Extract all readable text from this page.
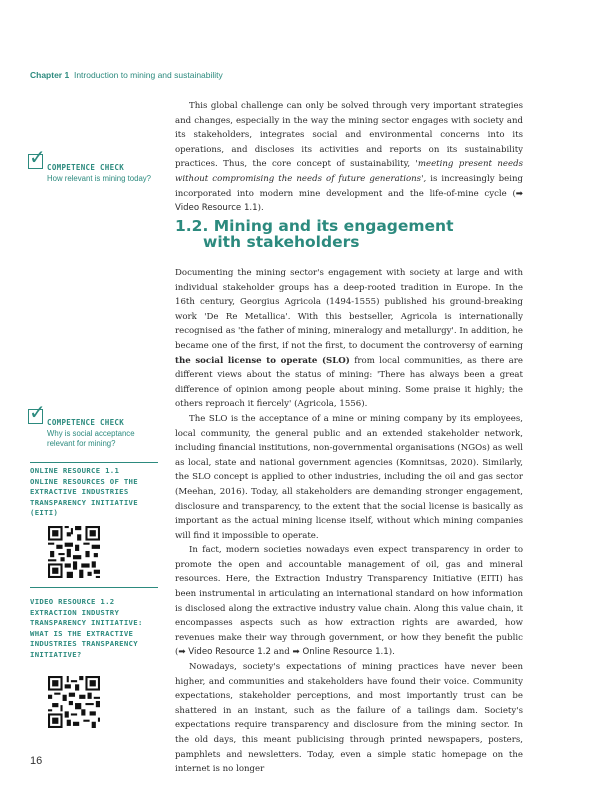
Chapter 1 Introduction to mining and sustainability
✓ COMPETENCE CHECK
How relevant is mining today?
✓ COMPETENCE CHECK
Why is social acceptance relevant for mining?
ONLINE RESOURCE 1.1
ONLINE RESOURCES OF THE EXTRACTIVE INDUSTRIES TRANSPARENCY INITIATIVE (EITI)
VIDEO RESOURCE 1.2
EXTRACTION INDUSTRY TRANSPARENCY INITIATIVE: WHAT IS THE EXTRACTIVE INDUSTRIES TRANSPARENCY INITIATIVE?

This global challenge can only be solved through very important strategies and changes, especially in the way the mining sector engages with society and its stakeholders, integrates social and environmental concerns into its operations, and discloses its activities and reports on its sustainability practices. Thus, the core concept of sustainability, 'meeting present needs without compromising the needs of future generations', is increasingly being incorporated into modern mine development and the life-of-mine cycle (➡ Video Resource 1.1).

1.2. Mining and its engagement
with stakeholders

Documenting the mining sector's engagement with society at large and with individual stakeholder groups has a deep-rooted tradition in Europe. In the 16th century, Georgius Agricola (1494-1555) published his ground-breaking work 'De Re Metallica'. With this bestseller, Agricola is internationally recognised as 'the father of mining, mineralogy and metallurgy'. In addition, he became one of the first, if not the first, to document the controversy of earning the social license to operate (SLO) from local communities, as there are different views about the status of mining: 'There has always been a great difference of opinion among people about mining. Some praise it highly; the others reproach it fiercely' (Agricola, 1556).

The SLO is the acceptance of a mine or mining company by its employees, local community, the general public and an extended stakeholder network, including financial institutions, non-governmental organisations (NGOs) as well as local, state and national government agencies (Komnitsas, 2020). Similarly, the SLO concept is applied to other industries, including the oil and gas sector (Meehan, 2016). Today, all stakeholders are demanding stronger engagement, disclosure and transparency, to the extent that the social license is basically as important as the actual mining license itself, without which mining companies will find it impossible to operate.

In fact, modern societies nowadays even expect transparency in order to promote the open and accountable management of oil, gas and mineral resources. Here, the Extraction Industry Transparency Initiative (EITI) has been instrumental in articulating an international standard on how information is disclosed along the extractive industry value chain. Along this value chain, it encompasses aspects such as how extraction rights are awarded, how revenues make their way through government, or how they benefit the public (➡ Video Resource 1.2 and ➡ Online Resource 1.1).

Nowadays, society's expectations of mining practices have never been higher, and communities and stakeholders have found their voice. Community expectations, stakeholder perceptions, and most importantly trust can be shattered in an instant, such as the failure of a tailings dam. Society's expectations require transparency and disclosure from the mining sector. In the old days, this meant publicising through printed newspapers, posters, pamphlets and newsletters. Today, even a simple static homepage on the internet is no longer

16
